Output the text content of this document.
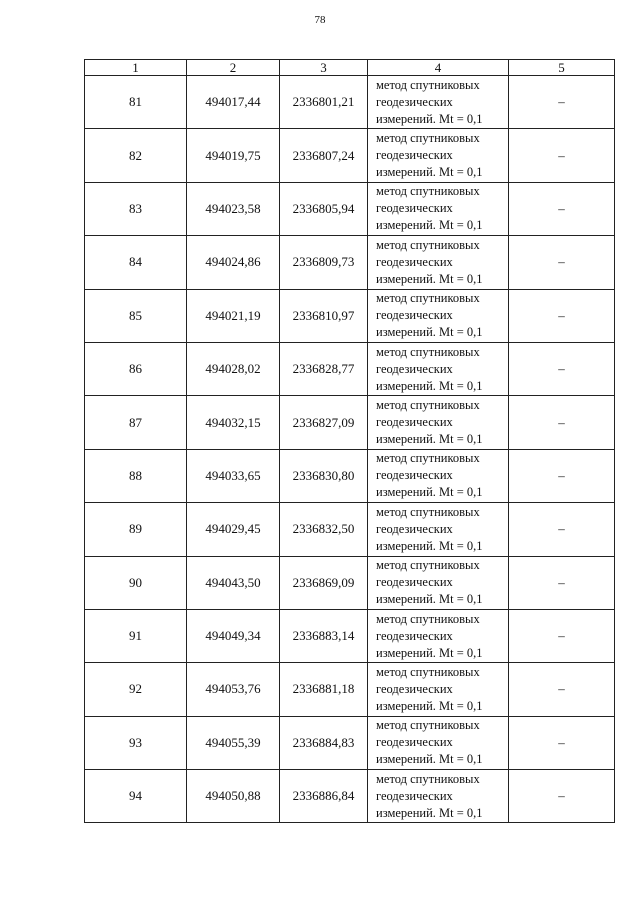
78
1	2	3	4	5
81	494017,44	2336801,21	метод спутниковых геодезических измерений. Mt = 0,1	–
82	494019,75	2336807,24	метод спутниковых геодезических измерений. Mt = 0,1	–
83	494023,58	2336805,94	метод спутниковых геодезических измерений. Mt = 0,1	–
84	494024,86	2336809,73	метод спутниковых геодезических измерений. Mt = 0,1	–
85	494021,19	2336810,97	метод спутниковых геодезических измерений. Mt = 0,1	–
86	494028,02	2336828,77	метод спутниковых геодезических измерений. Mt = 0,1	–
87	494032,15	2336827,09	метод спутниковых геодезических измерений. Mt = 0,1	–
88	494033,65	2336830,80	метод спутниковых геодезических измерений. Mt = 0,1	–
89	494029,45	2336832,50	метод спутниковых геодезических измерений. Mt = 0,1	–
90	494043,50	2336869,09	метод спутниковых геодезических измерений. Mt = 0,1	–
91	494049,34	2336883,14	метод спутниковых геодезических измерений. Mt = 0,1	–
92	494053,76	2336881,18	метод спутниковых геодезических измерений. Mt = 0,1	–
93	494055,39	2336884,83	метод спутниковых геодезических измерений. Mt = 0,1	–
94	494050,88	2336886,84	метод спутниковых геодезических измерений. Mt = 0,1	–
